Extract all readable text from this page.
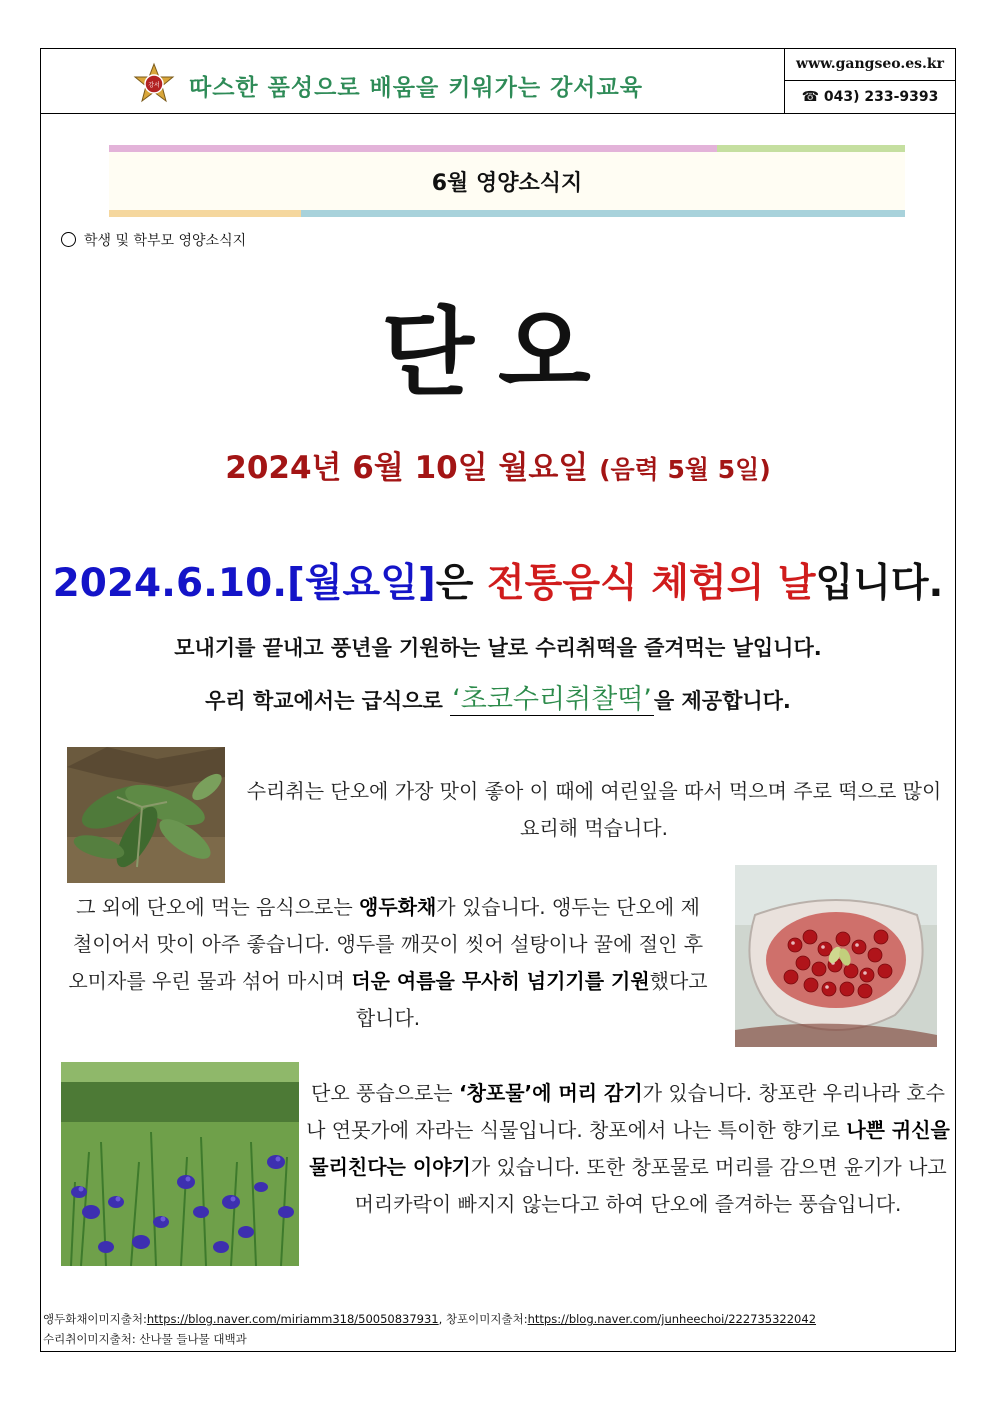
강서 따스한 품성으로 배움을 키워가는 강서교육
www.gangseo.es.kr
☎ 043) 233-9393
6월 영양소식지
학생 및 학부모 영양소식지
단오
2024년 6월 10일 월요일 (음력 5월 5일)
2024.6.10.[월요일]은 전통음식 체험의 날입니다.
모내기를 끝내고 풍년을 기원하는 날로 수리취떡을 즐겨먹는 날입니다.
우리 학교에서는 급식으로 ‘초코수리취찰떡’을 제공합니다.
수리취는 단오에 가장 맛이 좋아 이 때에 여린잎을 따서 먹으며 주로 떡으로 많이 요리해 먹습니다.
그 외에 단오에 먹는 음식으로는 앵두화채가 있습니다. 앵두는 단오에 제철이어서 맛이 아주 좋습니다. 앵두를 깨끗이 씻어 설탕이나 꿀에 절인 후 오미자를 우린 물과 섞어 마시며 더운 여름을 무사히 넘기기를 기원했다고 합니다.
단오 풍습으로는 ‘창포물’에 머리 감기가 있습니다. 창포란 우리나라 호수나 연못가에 자라는 식물입니다. 창포에서 나는 특이한 향기로 나쁜 귀신을 물리친다는 이야기가 있습니다. 또한 창포물로 머리를 감으면 윤기가 나고 머리카락이 빠지지 않는다고 하여 단오에 즐겨하는 풍습입니다.
앵두화채이미지출처:https://blog.naver.com/miriamm318/50050837931, 창포이미지출처:https://blog.naver.com/junheechoi/222735322042
수리취이미지출처: 산나물 들나물 대백과
